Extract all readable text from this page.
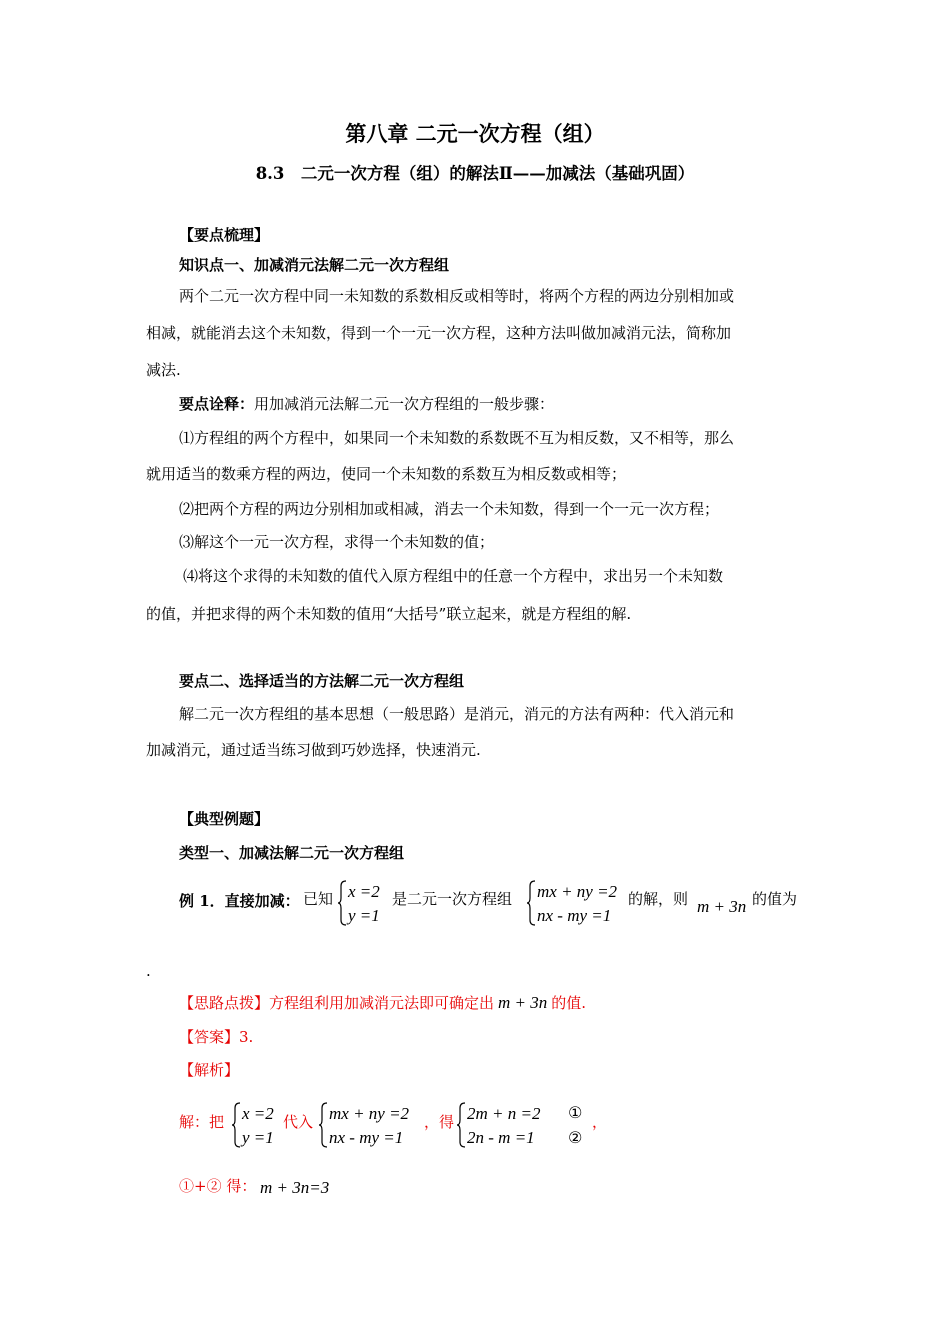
第八章 二元一次方程（组）
8.3　二元一次方程（组）的解法Ⅱ——加减法（基础巩固）
【要点梳理】
知识点一、加减消元法解二元一次方程组
两个二元一次方程中同一未知数的系数相反或相等时，将两个方程的两边分别相加或
相减，就能消去这个未知数，得到一个一元一次方程，这种方法叫做加减消元法，简称加
减法.
要点诠释：用加减消元法解二元一次方程组的一般步骤：
⑴方程组的两个方程中，如果同一个未知数的系数既不互为相反数，又不相等，那么
就用适当的数乘方程的两边，使同一个未知数的系数互为相反数或相等；
⑵把两个方程的两边分别相加或相减，消去一个未知数，得到一个一元一次方程；
⑶解这个一元一次方程，求得一个未知数的值；
⑷将这个求得的未知数的值代入原方程组中的任意一个方程中，求出另一个未知数
的值，并把求得的两个未知数的值用“大括号”联立起来，就是方程组的解.
要点二、选择适当的方法解二元一次方程组
解二元一次方程组的基本思想（一般思路）是消元，消元的方法有两种：代入消元和
加减消元，通过适当练习做到巧妙选择，快速消元.
【典型例题】
类型一、加减法解二元一次方程组
例 1．直接加减： 已知 x =2
y =1
是二元一次方程组 mx + ny =2
nx - my =1
的解，则 m + 3n 的值为
.
【思路点拨】方程组利用加减消元法即可确定出 m + 3n 的值.
【答案】3.
【解析】
解：把 x =2
y =1
代入 mx + ny =2
nx - my =1
，得 2m + n =2
2n - m =1
①
②
，
①+② 得： m + 3n=3
